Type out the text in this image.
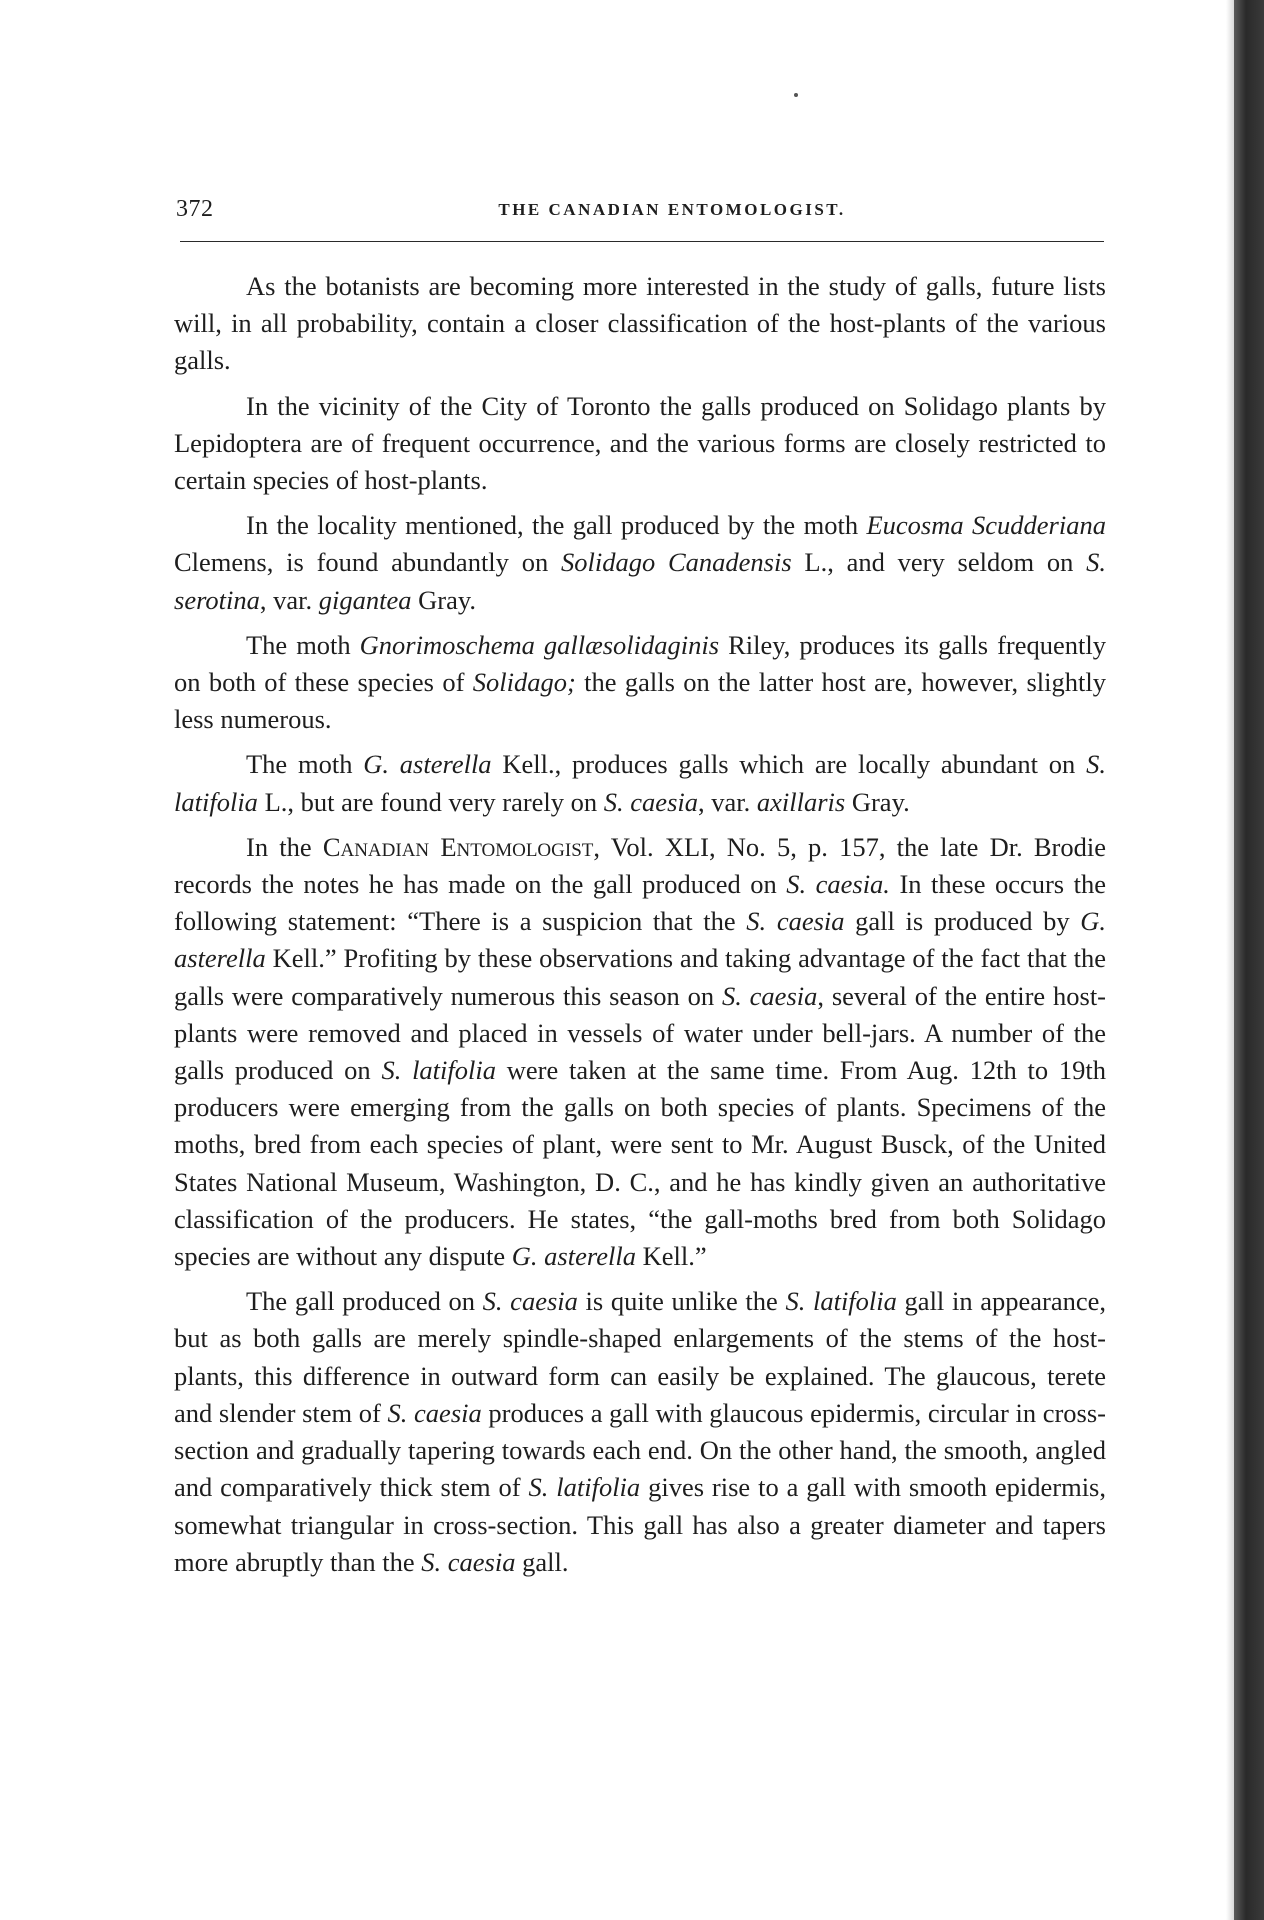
372	THE CANADIAN ENTOMOLOGIST.

As the botanists are becoming more interested in the study of galls, future lists will, in all probability, contain a closer classification of the host-plants of the various galls.

In the vicinity of the City of Toronto the galls produced on Solidago plants by Lepidoptera are of frequent occurrence, and the various forms are closely restricted to certain species of host-plants.

In the locality mentioned, the gall produced by the moth Eucosma Scudderiana Clemens, is found abundantly on Solidago Canadensis L., and very seldom on S. serotina, var. gigantea Gray.

The moth Gnorimoschema gallæsolidaginis Riley, produces its galls frequently on both of these species of Solidago; the galls on the latter host are, however, slightly less numerous.

The moth G. asterella Kell., produces galls which are locally abundant on S. latifolia L., but are found very rarely on S. caesia, var. axillaris Gray.

In the Canadian Entomologist, Vol. XLI, No. 5, p. 157, the late Dr. Brodie records the notes he has made on the gall produced on S. caesia. In these occurs the following statement: “There is a suspicion that the S. caesia gall is produced by G. asterella Kell.” Profiting by these observations and taking advantage of the fact that the galls were comparatively numerous this season on S. caesia, several of the entire host-plants were removed and placed in vessels of water under bell-jars. A number of the galls produced on S. latifolia were taken at the same time. From Aug. 12th to 19th producers were emerging from the galls on both species of plants. Specimens of the moths, bred from each species of plant, were sent to Mr. August Busck, of the United States National Museum, Washington, D. C., and he has kindly given an authoritative classification of the producers. He states, “the gall-moths bred from both Solidago species are without any dispute G. asterella Kell.”

The gall produced on S. caesia is quite unlike the S. latifolia gall in appearance, but as both galls are merely spindle-shaped enlargements of the stems of the host-plants, this difference in outward form can easily be explained. The glaucous, terete and slender stem of S. caesia produces a gall with glaucous epidermis, circular in cross-section and gradually tapering towards each end. On the other hand, the smooth, angled and comparatively thick stem of S. latifolia gives rise to a gall with smooth epidermis, somewhat triangular in cross-section. This gall has also a greater diameter and tapers more abruptly than the S. caesia gall.
